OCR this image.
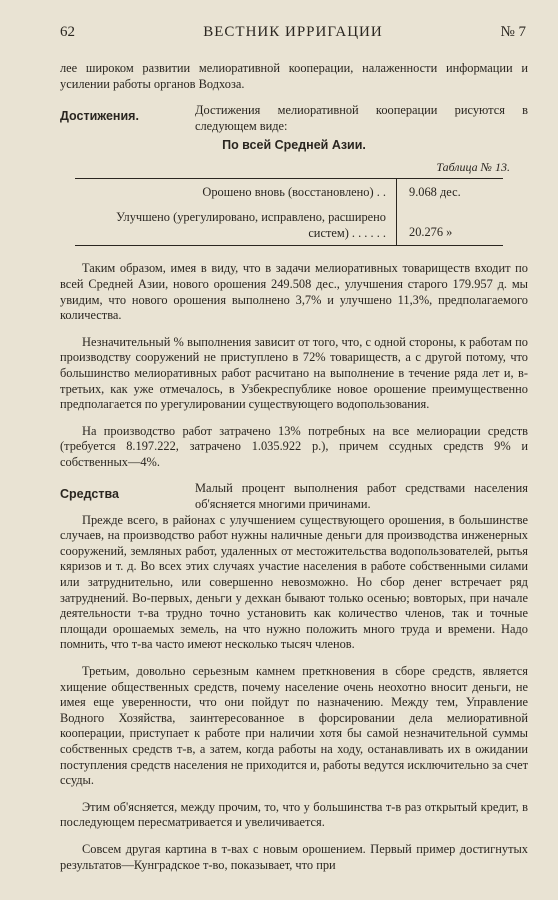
62	ВЕСТНИК ИРРИГАЦИИ	№ 7

лее широком развитии мелиоративной кооперации, налаженности информации и усилении работы органов Водхоза.

Достижения.	Достижения мелиоративной кооперации рисуются в следующем виде:

По всей Средней Азии.
Таблица № 13.
Орошено вновь (восстановлено) . .	9.068 дес.
Улучшено (урегулировано, исправлено, расширено систем) . . . . . .	20.276 »

Таким образом, имея в виду, что в задачи мелиоративных товариществ входит по всей Средней Азии, нового орошения 249.508 дес., улучшения старого 179.957 д. мы увидим, что нового орошения выполнено 3,7% и улучшено 11,3%, предполагаемого количества.

Незначительный % выполнения зависит от того, что, с одной стороны, к работам по производству сооружений не приступлено в 72% товариществ, а с другой потому, что большинство мелиоративных работ расчитано на выполнение в течение ряда лет и, в-третьих, как уже отмечалось, в Узбекреспублике новое орошение преимущественно предполагается по урегулировании существующего водопользования.

На производство работ затрачено 13% потребных на все мелиорации средств (требуется 8.197.222, затрачено 1.035.922 р.), причем ссудных средств 9% и собственных—4%.

Средства	Малый процент выполнения работ средствами населения об'ясняется многими причинами.

Прежде всего, в районах с улучшением существующего орошения, в большинстве случаев, на производство работ нужны наличные деньги для производства инженерных сооружений, земляных работ, удаленных от местожительства водопользователей, рытья кяризов и т. д. Во всех этих случаях участие населения в работе собственными силами или затруднительно, или совершенно невозможно. Но сбор денег встречает ряд затруднений. Во-первых, деньги у дехкан бывают только осенью; вовторых, при начале деятельности т-ва трудно точно установить как количество членов, так и точные площади орошаемых земель, на что нужно положить много труда и времени. Надо помнить, что т-ва часто имеют несколько тысяч членов.

Третьим, довольно серьезным камнем преткновения в сборе средств, является хищение общественных средств, почему население очень неохотно вносит деньги, не имея еще уверенности, что они пойдут по назначению. Между тем, Управление Водного Хозяйства, заинтересованное в форсировании дела мелиоративной кооперации, приступает к работе при наличии хотя бы самой незначительной суммы собственных средств т-в, а затем, когда работы на ходу, останавливать их в ожидании поступления средств населения не приходится и, работы ведутся исключительно за счет ссуды.

Этим об'ясняется, между прочим, то, что у большинства т-в раз открытый кредит, в последующем пересматривается и увеличивается.

Совсем другая картина в т-вах с новым орошением. Первый пример достигнутых результатов—Кунградское т-во, показывает, что при
